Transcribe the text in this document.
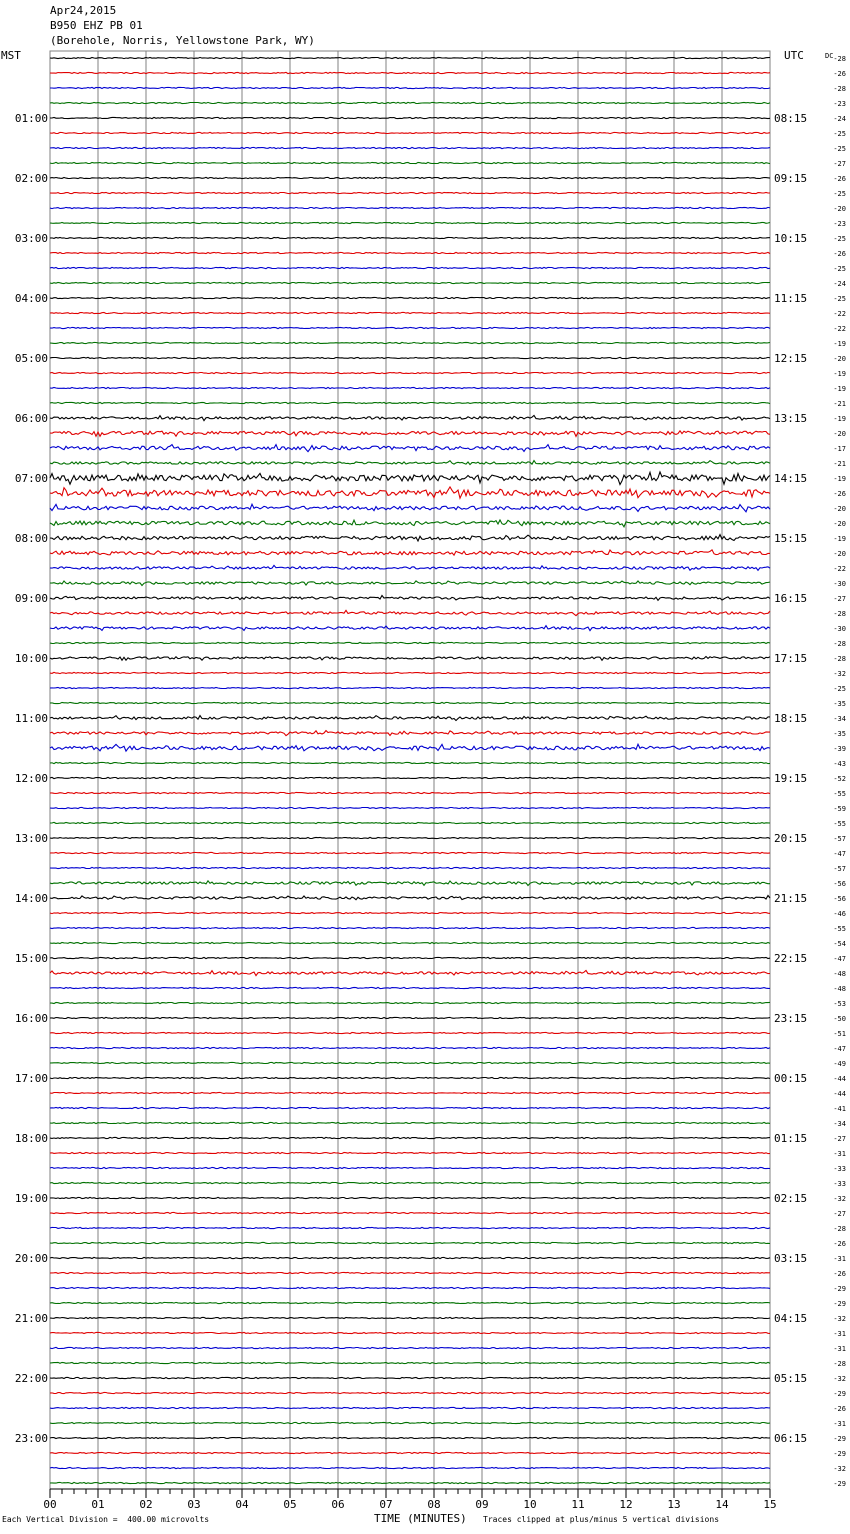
Apr24,2015
B950 EHZ PB 01
(Borehole, Norris, Yellowstone Park, WY)
MST	UTC	DC -28
-26
-28
-23
-24
-25
-25
-27
-26
-25
-20
-23
-25
-26
-25
-24
-25
-22
-22
-19
-20
-19
-19
-21
-19
-20
-17
-21
-19
-26
-20
-20
-19
-20
-22
-30
-27
-28
-30
-28
-28
-32
-25
-35
-34
-35
-39
-43
-52
-55
-59
-55
-57
-47
-57
-56
-56
-46
-55
-54
-47
-48
-48
-53
-50
-51
-47
-49
-44
-44
-41
-34
-27
-31
-33
-33
-32
-27
-28
-26
-31
-26
-29
-29
-32
-31
-31
-28
-32
-29
-26
-31
-29
-29
-32
-29
01:00
02:00
03:00
04:00
05:00
06:00
07:00
08:00
09:00
10:00
11:00
12:00
13:00
14:00
15:00
16:00
17:00
18:00
19:00
20:00
21:00
22:00
23:00
08:15
09:15
10:15
11:15
12:15
13:15
14:15
15:15
16:15
17:15
18:15
19:15
20:15
21:15
22:15
23:15
00:15
01:15
02:15
03:15
04:15
05:15
06:15
00	01	02	03	04	05	06	07	08	09	10	11	12	13	14	15
Each Vertical Division =  400.00 microvolts	TIME (MINUTES) Traces clipped at plus/minus 5 vertical divisions
